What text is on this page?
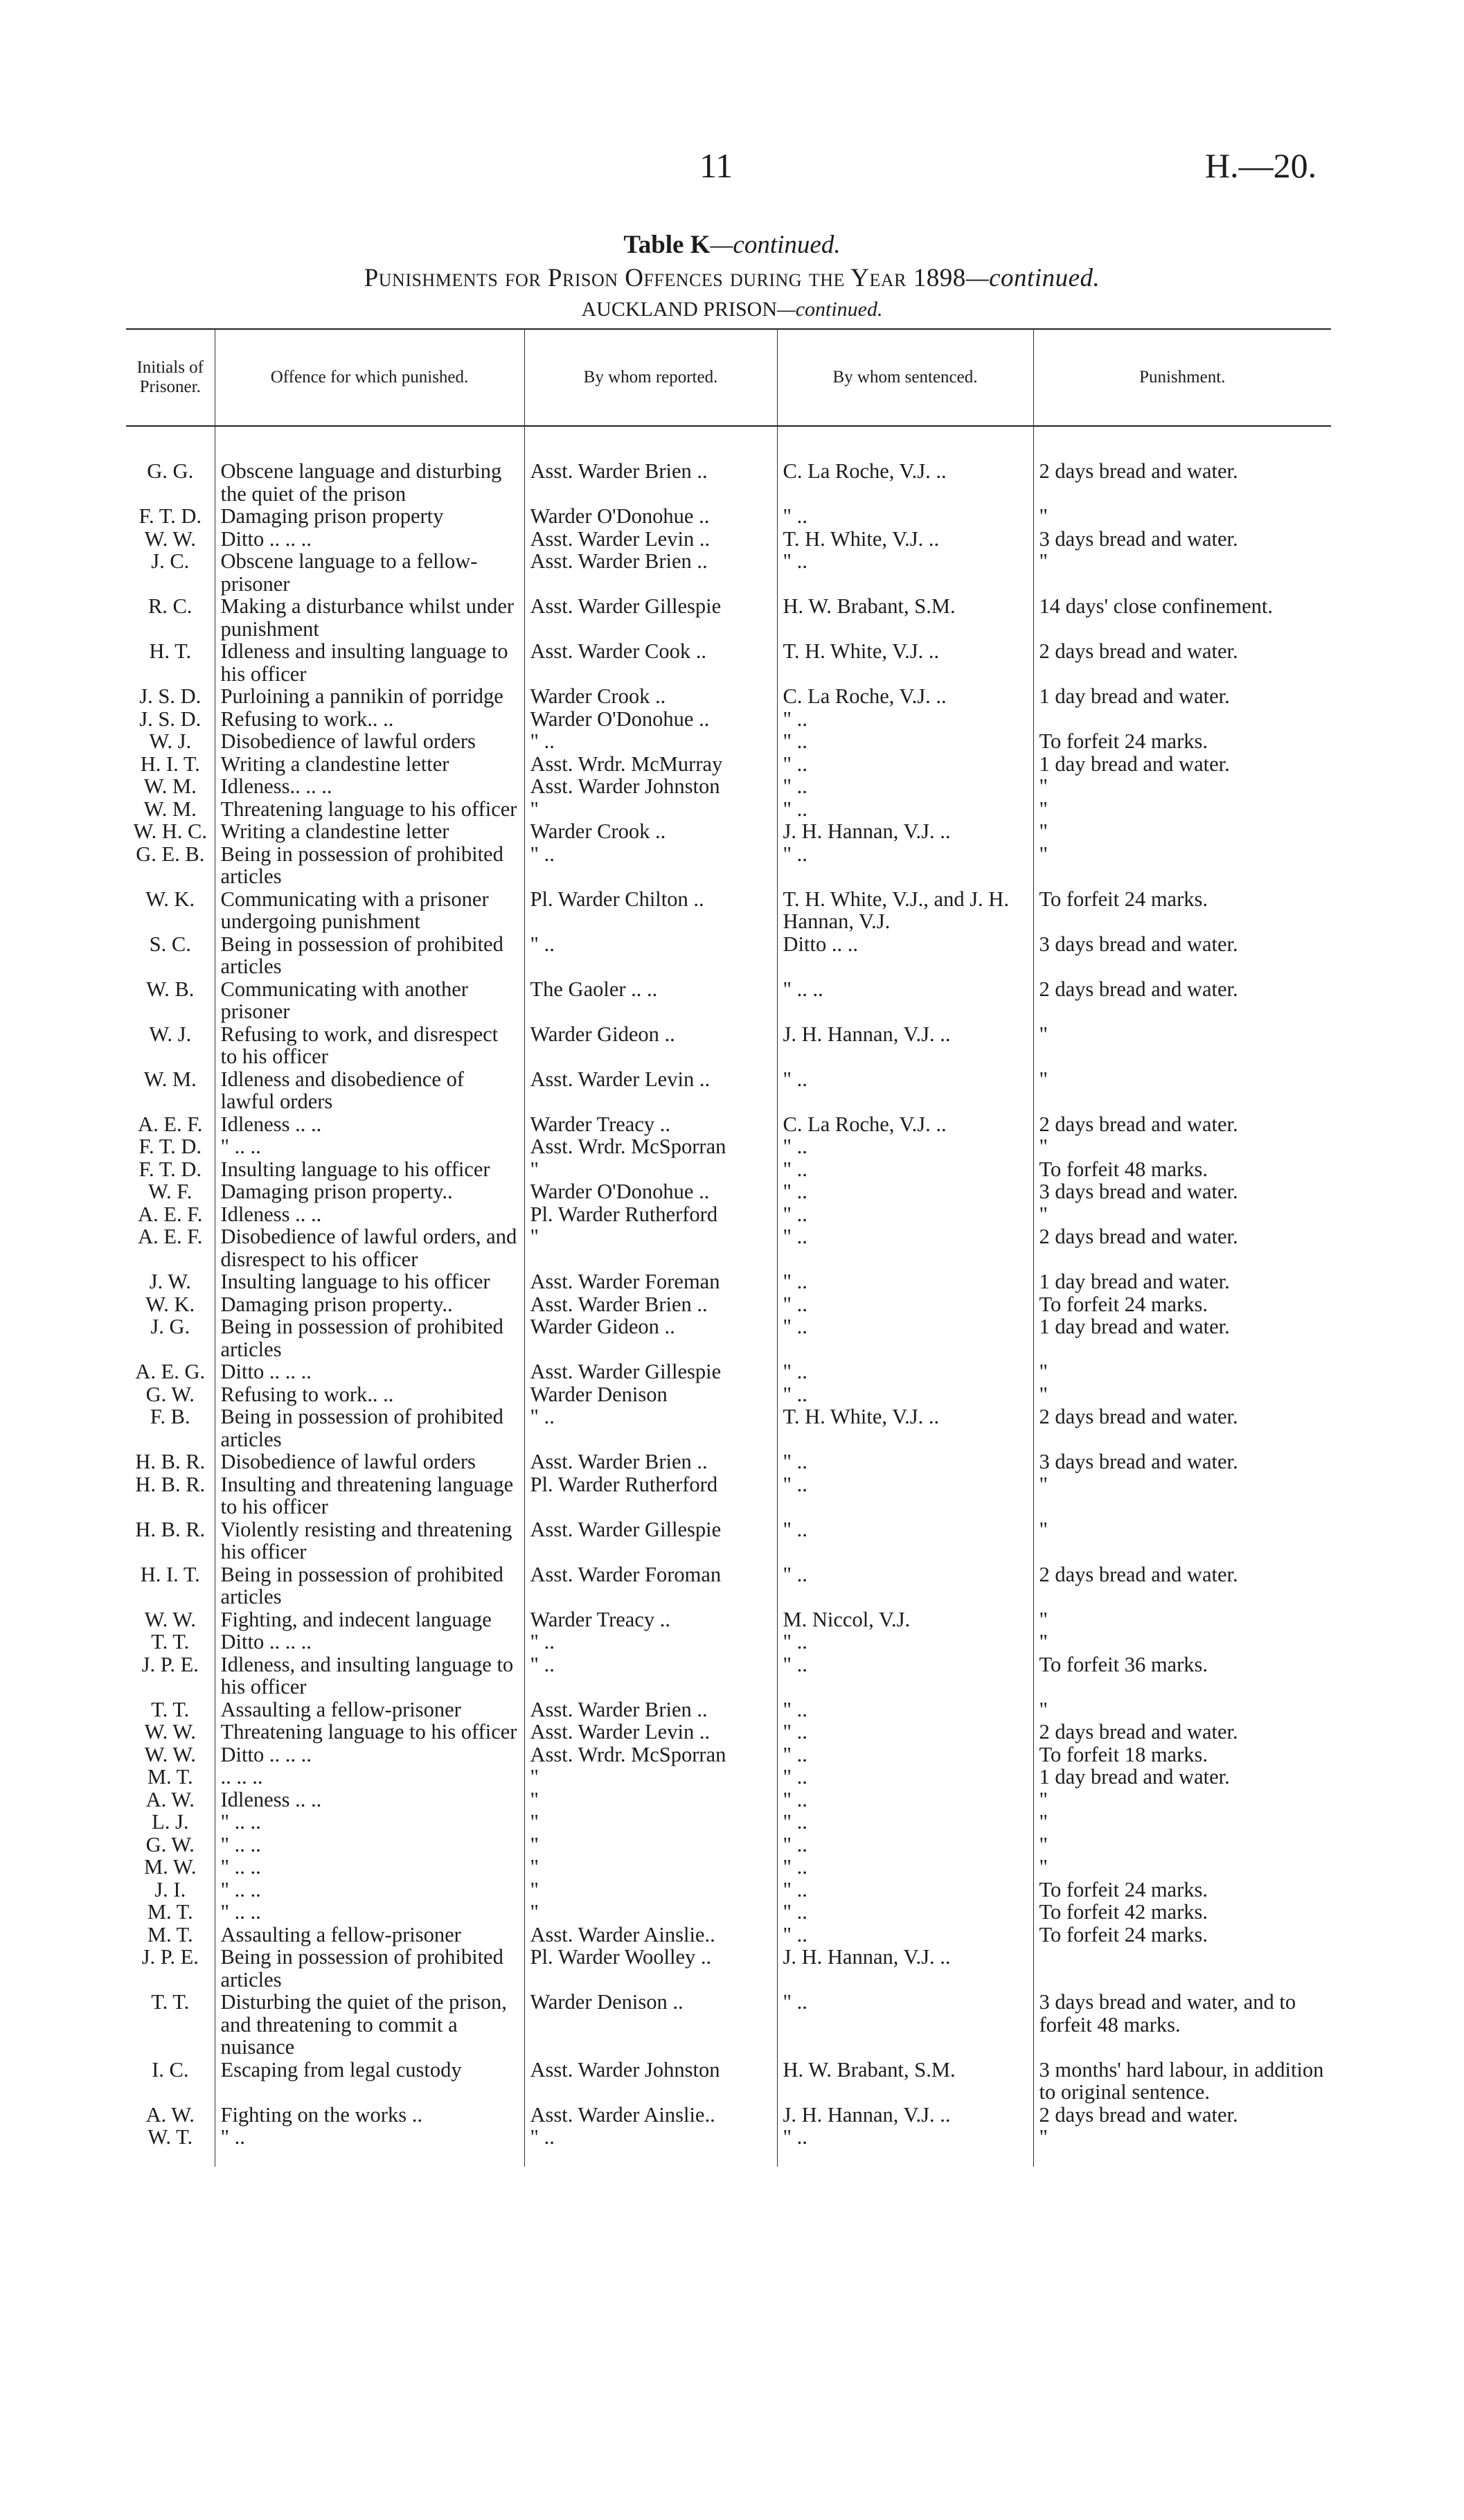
11	H.—20.
Table K—continued.
Punishments for Prison Offences during the Year 1898—continued.
AUCKLAND PRISON—continued.
Initials of Prisoner.	Offence for which punished.	By whom reported.	By whom sentenced.	Punishment.

G. G.	Obscene language and disturbing the quiet of the prison	Asst. Warder Brien ..	C. La Roche, V.J. ..	2 days bread and water.
F. T. D.	Damaging prison property	Warder O'Donohue ..	" ..	"
W. W.	Ditto .. .. ..	Asst. Warder Levin ..	T. H. White, V.J. ..	3 days bread and water.
J. C.	Obscene language to a fellow-prisoner	Asst. Warder Brien ..	" ..	"
R. C.	Making a disturbance whilst under punishment	Asst. Warder Gillespie	H. W. Brabant, S.M.	14 days' close confinement.
H. T.	Idleness and insulting language to his officer	Asst. Warder Cook ..	T. H. White, V.J. ..	2 days bread and water.
J. S. D.	Purloining a pannikin of porridge	Warder Crook ..	C. La Roche, V.J. ..	1 day bread and water.
J. S. D.	Refusing to work.. ..	Warder O'Donohue ..	" ..	
W. J.	Disobedience of lawful orders	" ..	" ..	To forfeit 24 marks.
H. I. T.	Writing a clandestine letter	Asst. Wrdr. McMurray	" ..	1 day bread and water.
W. M.	Idleness.. .. ..	Asst. Warder Johnston	" ..	"
W. M.	Threatening language to his officer	"	" ..	"
W. H. C.	Writing a clandestine letter	Warder Crook ..	J. H. Hannan, V.J. ..	"
G. E. B.	Being in possession of prohibited articles	" ..	" ..	"
W. K.	Communicating with a prisoner undergoing punishment	Pl. Warder Chilton ..	T. H. White, V.J., and J. H. Hannan, V.J.	To forfeit 24 marks.
S. C.	Being in possession of prohibited articles	" ..	Ditto .. ..	3 days bread and water.
W. B.	Communicating with another prisoner	The Gaoler .. ..	" .. ..	2 days bread and water.
W. J.	Refusing to work, and disrespect to his officer	Warder Gideon ..	J. H. Hannan, V.J. ..	"
W. M.	Idleness and disobedience of lawful orders	Asst. Warder Levin ..	" ..	"
A. E. F.	Idleness .. ..	Warder Treacy ..	C. La Roche, V.J. ..	2 days bread and water.
F. T. D.	" .. ..	Asst. Wrdr. McSporran	" ..	"
F. T. D.	Insulting language to his officer	"	" ..	To forfeit 48 marks.
W. F.	Damaging prison property..	Warder O'Donohue ..	" ..	3 days bread and water.
A. E. F.	Idleness .. ..	Pl. Warder Rutherford	" ..	"
A. E. F.	Disobedience of lawful orders, and disrespect to his officer	"	" ..	2 days bread and water.
J. W.	Insulting language to his officer	Asst. Warder Foreman	" ..	1 day bread and water.
W. K.	Damaging prison property..	Asst. Warder Brien ..	" ..	To forfeit 24 marks.
J. G.	Being in possession of prohibited articles	Warder Gideon ..	" ..	1 day bread and water.
A. E. G.	Ditto .. .. ..	Asst. Warder Gillespie	" ..	"
G. W.	Refusing to work.. ..	Warder Denison	" ..	"
F. B.	Being in possession of prohibited articles	" ..	T. H. White, V.J. ..	2 days bread and water.
H. B. R.	Disobedience of lawful orders	Asst. Warder Brien ..	" ..	3 days bread and water.
H. B. R.	Insulting and threatening language to his officer	Pl. Warder Rutherford	" ..	"
H. B. R.	Violently resisting and threatening his officer	Asst. Warder Gillespie	" ..	"
H. I. T.	Being in possession of prohibited articles	Asst. Warder Foroman	" ..	2 days bread and water.
W. W.	Fighting, and indecent language	Warder Treacy ..	M. Niccol, V.J.	"
T. T.	Ditto .. .. ..	" ..	" ..	"
J. P. E.	Idleness, and insulting language to his officer	" ..	" ..	To forfeit 36 marks.
T. T.	Assaulting a fellow-prisoner	Asst. Warder Brien ..	" ..	"
W. W.	Threatening language to his officer	Asst. Warder Levin ..	" ..	2 days bread and water.
W. W.	Ditto .. .. ..	Asst. Wrdr. McSporran	" ..	To forfeit 18 marks.
M. T.	.. .. ..	"	" ..	1 day bread and water.
A. W.	Idleness .. ..	"	" ..	"
L. J.	" .. ..	"	" ..	"
G. W.	" .. ..	"	" ..	"
M. W.	" .. ..	"	" ..	"
J. I.	" .. ..	"	" ..	To forfeit 24 marks.
M. T.	" .. ..	"	" ..	To forfeit 42 marks.
M. T.	Assaulting a fellow-prisoner	Asst. Warder Ainslie..	" ..	To forfeit 24 marks.
J. P. E.	Being in possession of prohibited articles	Pl. Warder Woolley ..	J. H. Hannan, V.J. ..	
T. T.	Disturbing the quiet of the prison, and threatening to commit a nuisance	Warder Denison ..	" ..	3 days bread and water, and to forfeit 48 marks.
I. C.	Escaping from legal custody	Asst. Warder Johnston	H. W. Brabant, S.M.	3 months' hard labour, in addition to original sentence.
A. W.	Fighting on the works ..	Asst. Warder Ainslie..	J. H. Hannan, V.J. ..	2 days bread and water.
W. T.	" ..	" ..	" ..	"
